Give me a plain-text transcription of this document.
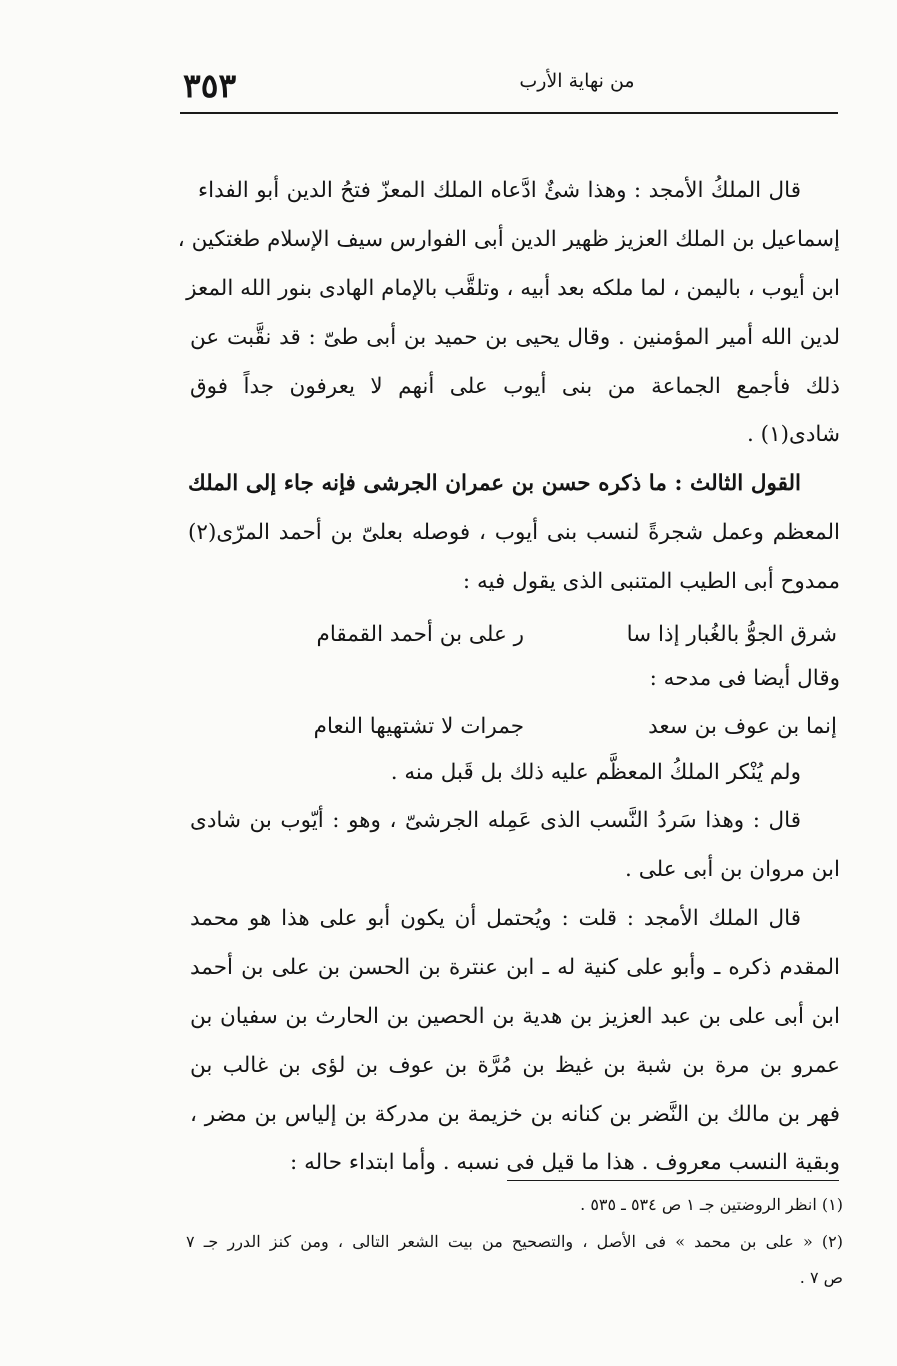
٣٥٣	من نهاية الأرب
قال الملكُ الأمجد : وهذا شئٌ ادَّعاه الملك المعزّ فتحُ الدين أبو الفداء
إسماعيل بن الملك العزيز ظهير الدين أبى الفوارس سيف الإسلام طغتكين ،
ابن أيوب ، باليمن ، لما ملكه بعد أبيه ، وتلقَّب بالإمام الهادى بنور الله المعز
لدين الله أمير المؤمنين . وقال يحيى بن حميد بن أبى طىّ : قد نقَّبت عن
ذلك فأجمع الجماعة من بنى أيوب على أنهم لا يعرفون جداً فوق
شادى(١) .
القول الثالث : ما ذكره حسن بن عمران الجرشى فإنه جاء إلى الملك
المعظم وعمل شجرةً لنسب بنى أيوب ، فوصله بعلىّ بن أحمد المرّى(٢)
ممدوح أبى الطيب المتنبى الذى يقول فيه :
شرق الجوُّ بالغُبار إذا سا
ر على بن أحمد القمقام
وقال أيضا فى مدحه :
إنما بن عوف بن سعد
جمرات لا تشتهيها النعام
ولم يُنْكر الملكُ المعظَّم عليه ذلك بل قَبل منه .
قال : وهذا سَردُ النَّسب الذى عَمِله الجرشىّ ، وهو : أيّوب بن شادى
ابن مروان بن أبى على .
قال الملك الأمجد : قلت : ويُحتمل أن يكون أبو على هذا هو محمد
المقدم ذكره ـ وأبو على كنية له ـ ابن عنترة بن الحسن بن على بن أحمد
ابن أبى على بن عبد العزيز بن هدية بن الحصين بن الحارث بن سفيان بن
عمرو بن مرة بن شبة بن غيظ بن مُرَّة بن عوف بن لؤى بن غالب بن
فهر بن مالك بن النَّضر بن كنانه بن خزيمة بن مدركة بن إلياس بن مضر ،
وبقية النسب معروف . هذا ما قيل فى نسبه . وأما ابتداء حاله :
(١) انظر الروضتين جـ ١ ص ٥٣٤ ـ ٥٣٥ .
(٢) « على بن محمد » فى الأصل ، والتصحيح من بيت الشعر التالى ، ومن كنز الدرر جـ ٧
ص ٧ .
